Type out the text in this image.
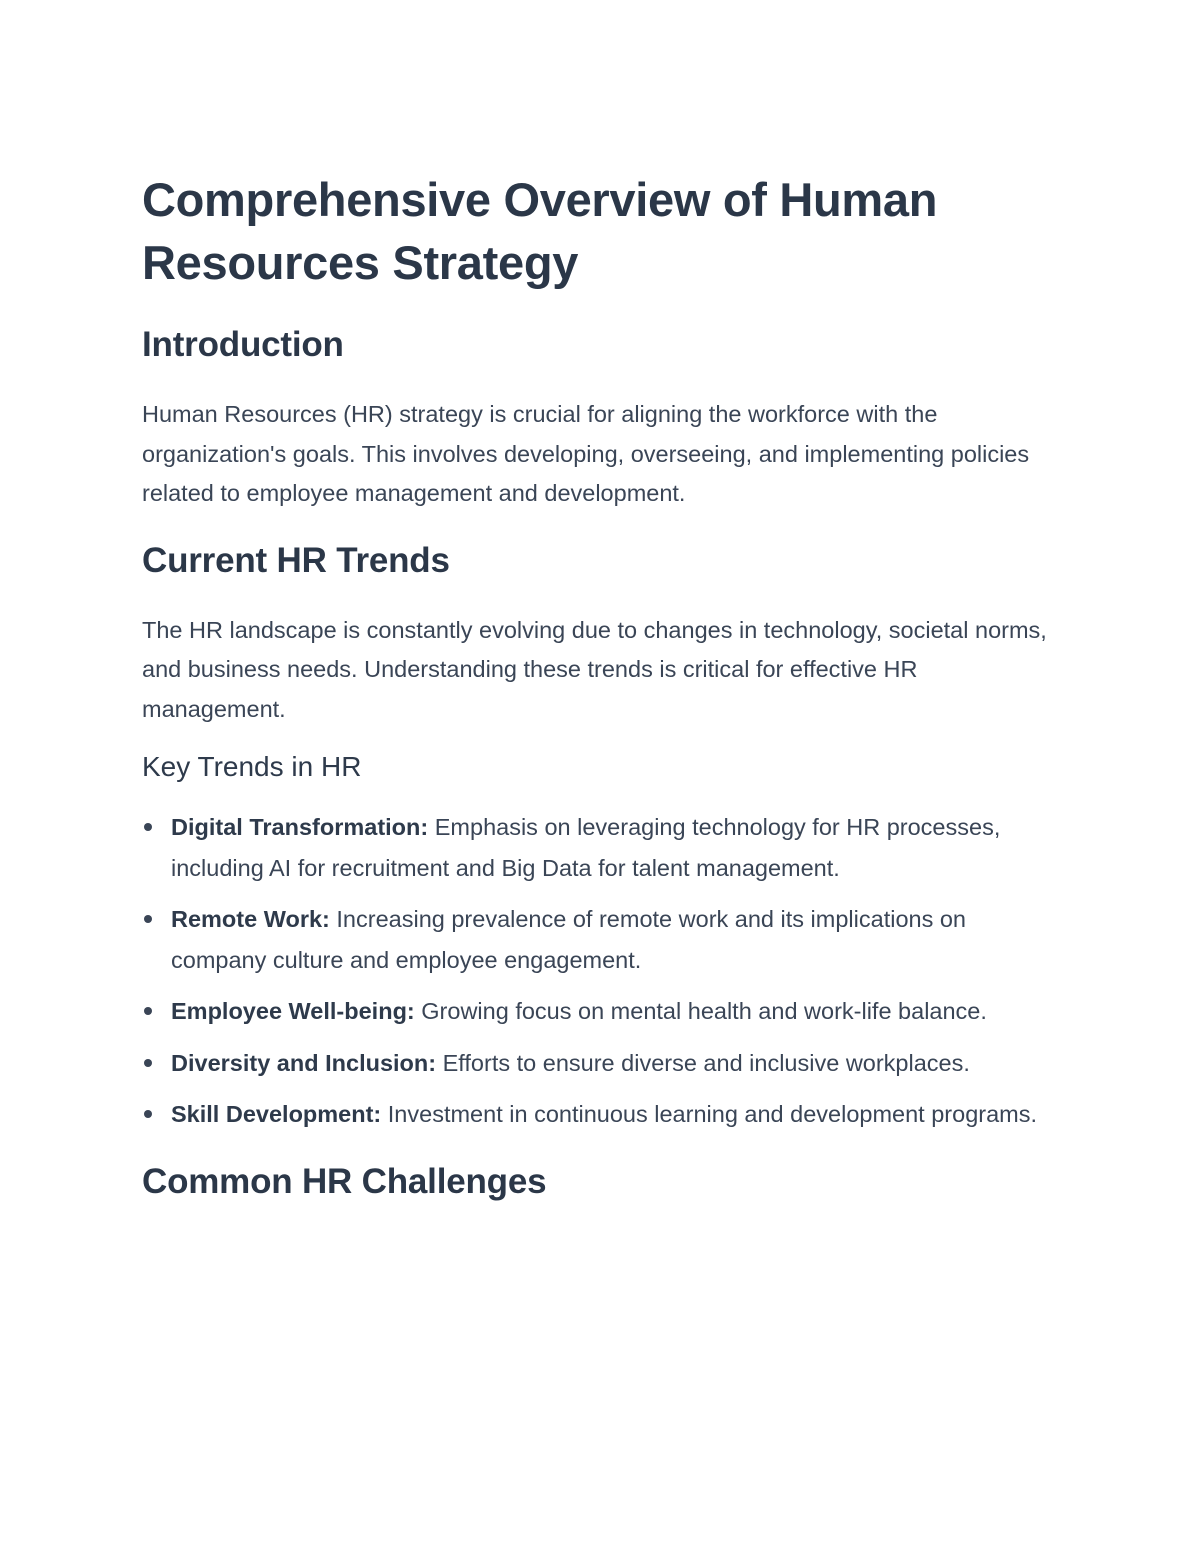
Comprehensive Overview of Human Resources Strategy
Introduction

Human Resources (HR) strategy is crucial for aligning the workforce with the organization's goals. This involves developing, overseeing, and implementing policies related to employee management and development.

Current HR Trends

The HR landscape is constantly evolving due to changes in technology, societal norms, and business needs. Understanding these trends is critical for effective HR management.

Key Trends in HR
Digital Transformation: Emphasis on leveraging technology for HR processes, including AI for recruitment and Big Data for talent management.
Remote Work: Increasing prevalence of remote work and its implications on company culture and employee engagement.
Employee Well-being: Growing focus on mental health and work-life balance.
Diversity and Inclusion: Efforts to ensure diverse and inclusive workplaces.
Skill Development: Investment in continuous learning and development programs.
Common HR Challenges
